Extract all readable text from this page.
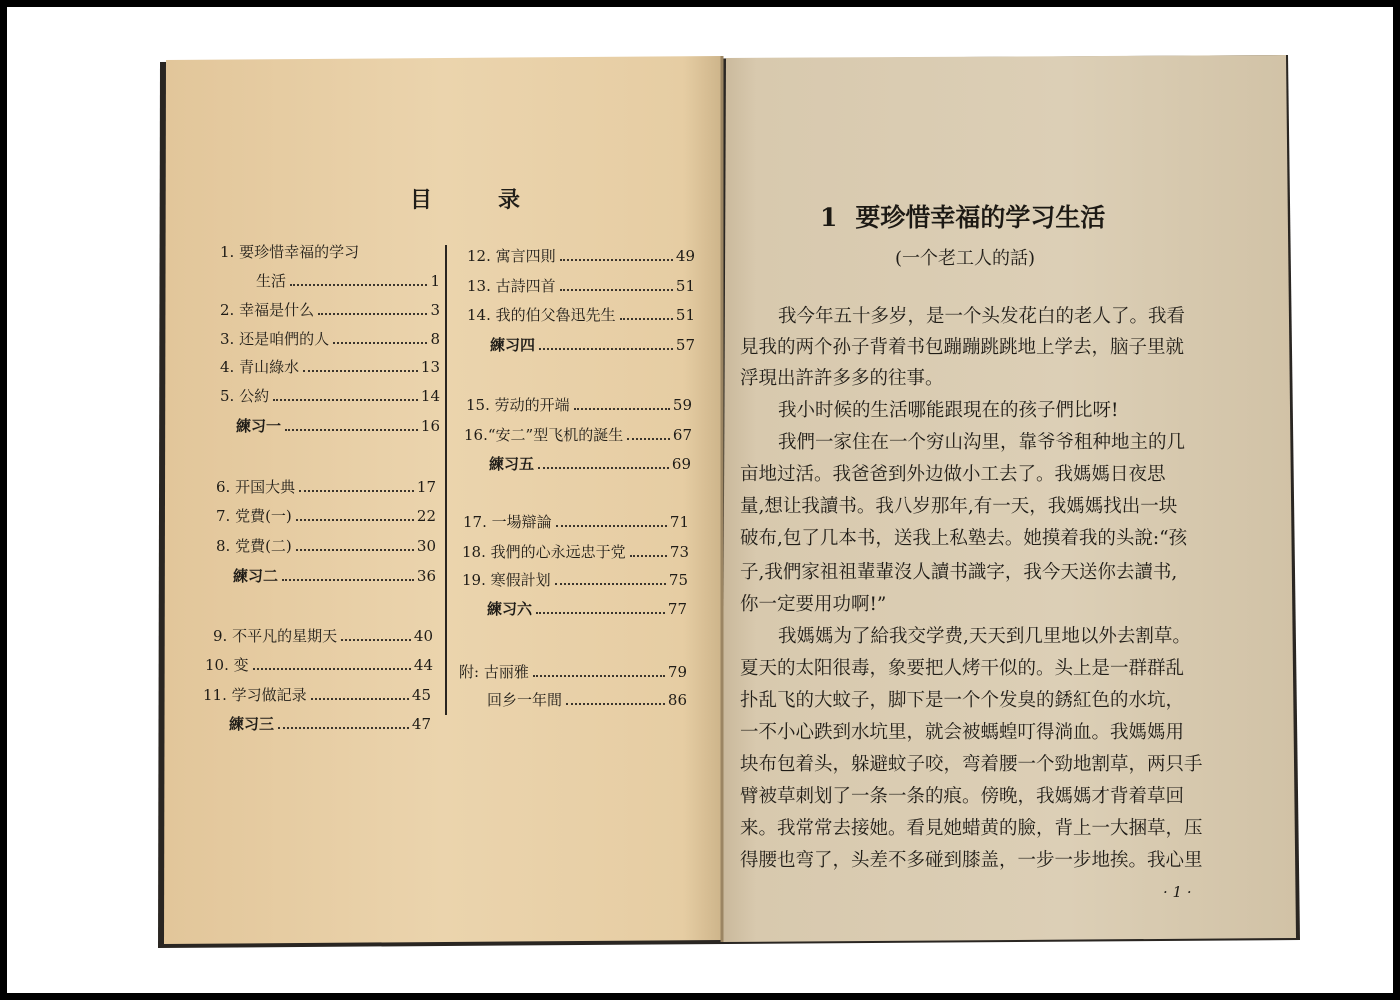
目	录
1. 要珍惜幸福的学习
生活	1
2. 幸福是什么	3
3. 还是咱們的人	8
4. 青山綠水	13
5. 公約	14
練习一	16
6. 开国大典	17
7. 党費(一)	22
8. 党費(二)	30
練习二	36
9. 不平凡的星期天	40
10. 变	44
11. 学习做記录	45
練习三	47
12. 寓言四則	49
13. 古詩四首	51
14. 我的伯父魯迅先生	51
練习四	57
15. 劳动的开端	59
16.“安二”型飞机的誕生	67
練习五	69
17. 一場辯論	71
18. 我們的心永远忠于党	73
19. 寒假計划	75
練习六	77
附: 古丽雅	79
回乡一年間	86
1 要珍惜幸福的学习生活
(一个老工人的話)
我今年五十多岁，是一个头发花白的老人了。我看
見我的两个孙子背着书包蹦蹦跳跳地上学去，脑子里就
浮現出許許多多的往事。
我小时候的生活哪能跟現在的孩子們比呀!
我們一家住在一个穷山沟里，靠爷爷租种地主的几
亩地过活。我爸爸到外边做小工去了。我媽媽日夜思
量,想让我讀书。我八岁那年,有一天，我媽媽找出一块
破布,包了几本书，送我上私塾去。她摸着我的头說:“孩
子,我們家祖祖輩輩沒人讀书識字，我今天送你去讀书,
你一定要用功啊!”
我媽媽为了給我交学费,天天到几里地以外去割草。
夏天的太阳很毒，象要把人烤干似的。头上是一群群乱
扑乱飞的大蚊子，脚下是一个个发臭的銹紅色的水坑，
一不小心跌到水坑里，就会被螞蝗叮得淌血。我媽媽用
块布包着头，躲避蚊子咬，弯着腰一个勁地割草，两只手
臂被草刺划了一条一条的痕。傍晚，我媽媽才背着草回
来。我常常去接她。看見她蜡黄的臉，背上一大捆草，压
得腰也弯了，头差不多碰到膝盖，一步一步地挨。我心里
· 1 ·
